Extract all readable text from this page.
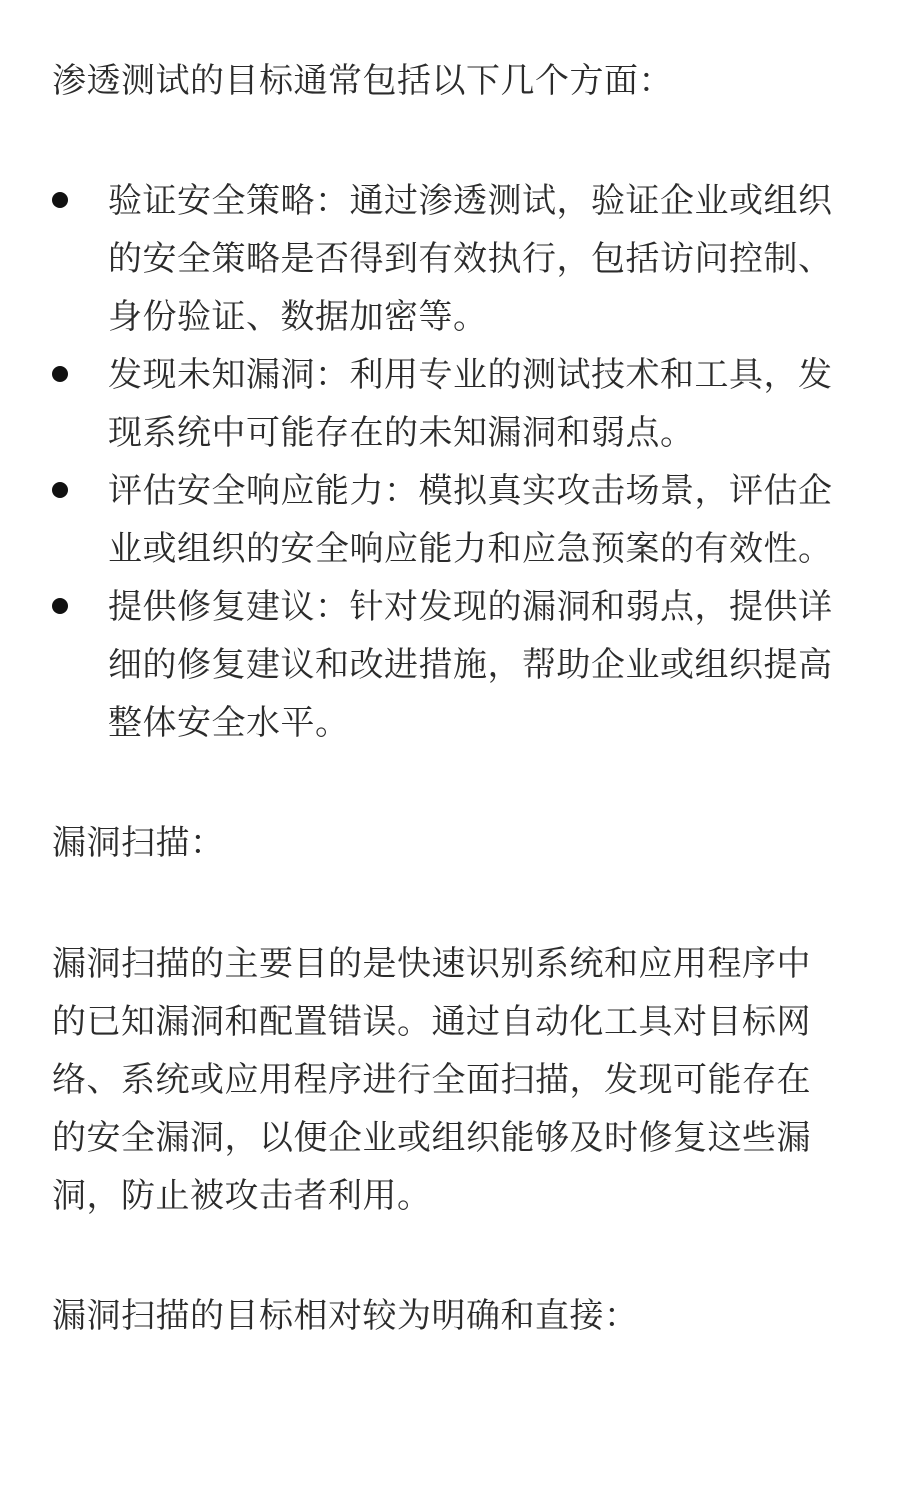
渗透测试的目标通常包括以下几个方面：

验证安全策略：通过渗透测试，验证企业或组织的安全策略是否得到有效执行，包括访问控制、身份验证、数据加密等。
发现未知漏洞：利用专业的测试技术和工具，发现系统中可能存在的未知漏洞和弱点。
评估安全响应能力：模拟真实攻击场景，评估企业或组织的安全响应能力和应急预案的有效性。
提供修复建议：针对发现的漏洞和弱点，提供详细的修复建议和改进措施，帮助企业或组织提高整体安全水平。

漏洞扫描：

漏洞扫描的主要目的是快速识别系统和应用程序中的已知漏洞和配置错误。通过自动化工具对目标网络、系统或应用程序进行全面扫描，发现可能存在的安全漏洞，以便企业或组织能够及时修复这些漏洞，防止被攻击者利用。

漏洞扫描的目标相对较为明确和直接：
